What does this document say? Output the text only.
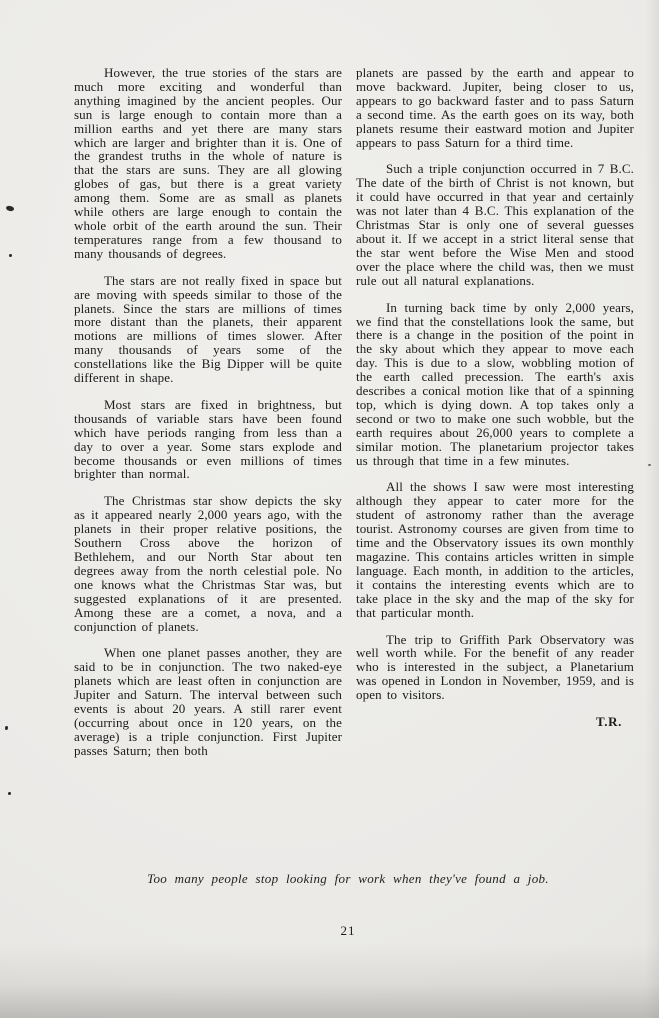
However, the true stories of the stars are much more exciting and wonderful than anything imagined by the ancient peoples. Our sun is large enough to contain more than a million earths and yet there are many stars which are larger and brighter than it is. One of the grandest truths in the whole of nature is that the stars are suns. They are all glowing globes of gas, but there is a great variety among them. Some are as small as planets while others are large enough to contain the whole orbit of the earth around the sun. Their temperatures range from a few thousand to many thousands of degrees.

The stars are not really fixed in space but are moving with speeds similar to those of the planets. Since the stars are millions of times more distant than the planets, their apparent motions are millions of times slower. After many thousands of years some of the constellations like the Big Dipper will be quite different in shape.

Most stars are fixed in brightness, but thousands of variable stars have been found which have periods ranging from less than a day to over a year. Some stars explode and become thousands or even millions of times brighter than normal.

The Christmas star show depicts the sky as it appeared nearly 2,000 years ago, with the planets in their proper relative positions, the Southern Cross above the horizon of Bethlehem, and our North Star about ten degrees away from the north celestial pole. No one knows what the Christmas Star was, but suggested explanations of it are presented. Among these are a comet, a nova, and a conjunction of planets.

When one planet passes another, they are said to be in conjunction. The two naked-eye planets which are least often in conjunction are Jupiter and Saturn. The interval between such events is about 20 years. A still rarer event (occurring about once in 120 years, on the average) is a triple conjunction. First Jupiter passes Saturn; then both

planets are passed by the earth and appear to move backward. Jupiter, being closer to us, appears to go backward faster and to pass Saturn a second time. As the earth goes on its way, both planets resume their eastward motion and Jupiter appears to pass Saturn for a third time.

Such a triple conjunction occurred in 7 B.C. The date of the birth of Christ is not known, but it could have occurred in that year and certainly was not later than 4 B.C. This explanation of the Christmas Star is only one of several guesses about it. If we accept in a strict literal sense that the star went before the Wise Men and stood over the place where the child was, then we must rule out all natural explanations.

In turning back time by only 2,000 years, we find that the constellations look the same, but there is a change in the position of the point in the sky about which they appear to move each day. This is due to a slow, wobbling motion of the earth called precession. The earth's axis describes a conical motion like that of a spinning top, which is dying down. A top takes only a second or two to make one such wobble, but the earth requires about 26,000 years to complete a similar motion. The planetarium projector takes us through that time in a few minutes.

All the shows I saw were most interesting although they appear to cater more for the student of astronomy rather than the average tourist. Astronomy courses are given from time to time and the Observatory issues its own monthly magazine. This contains articles written in simple language. Each month, in addition to the articles, it contains the interesting events which are to take place in the sky and the map of the sky for that particular month.

The trip to Griffith Park Observatory was well worth while. For the benefit of any reader who is interested in the subject, a Planetarium was opened in London in November, 1959, and is open to visitors.

T.R.

Too many people stop looking for work when they've found a job.
21
